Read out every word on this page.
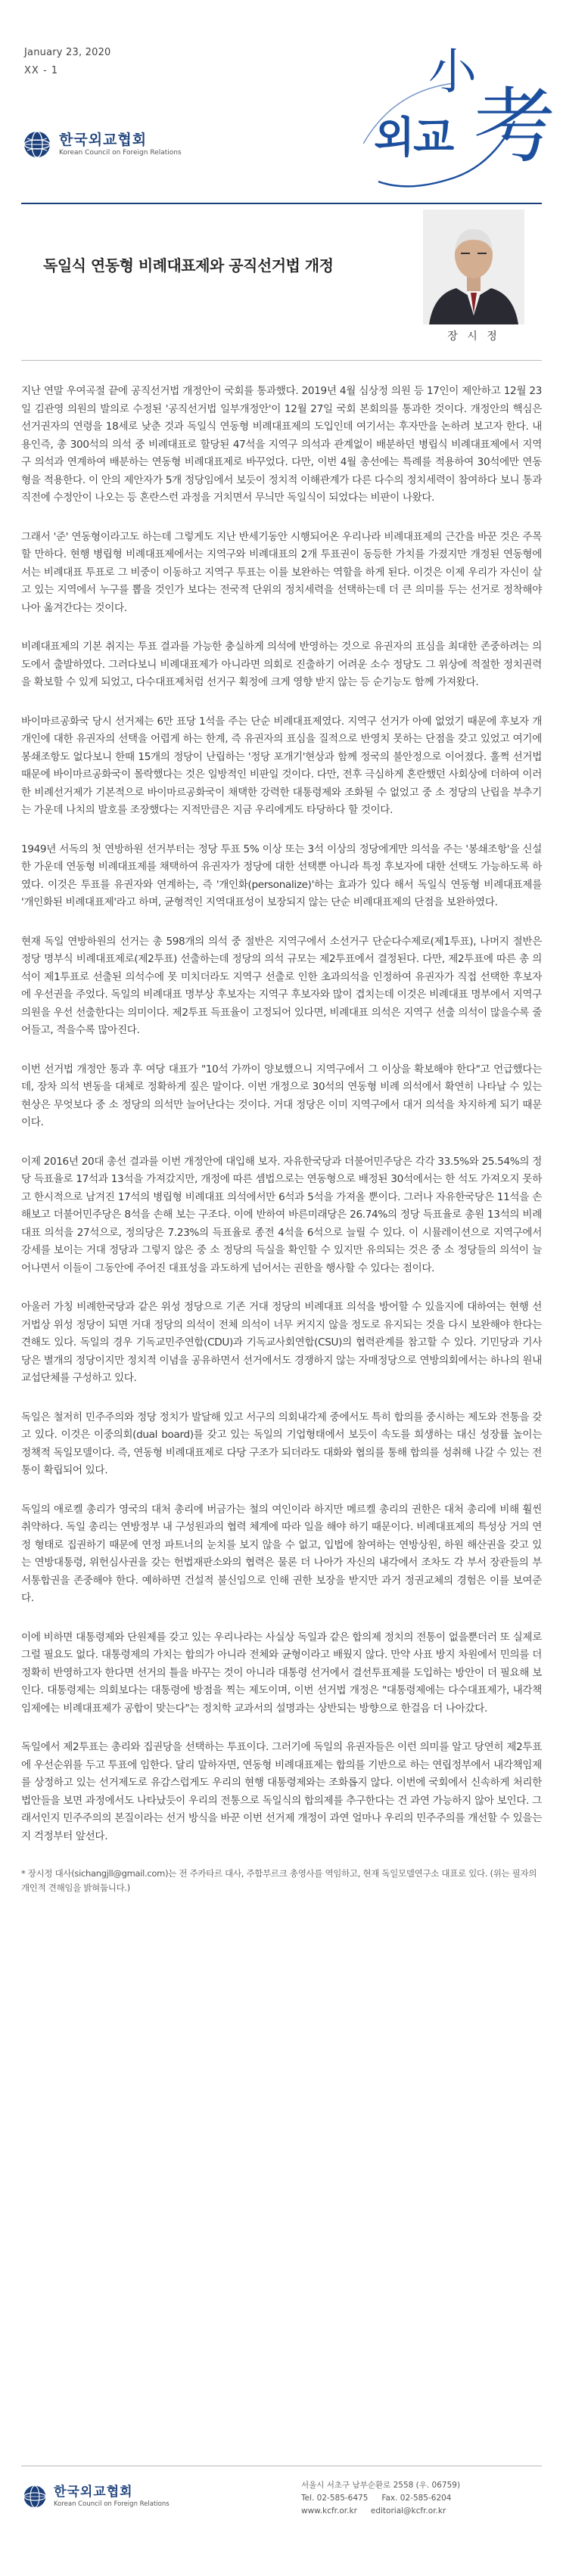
January 23, 2020
XX - 1
한국외교협회
Korean Council on Foreign Relations	외교
小
考
독일식 연동형 비례대표제와 공직선거법 개정
장 시 정

지난 연말 우여곡절 끝에 공직선거법 개정안이 국회를 통과했다. 2019년 4월 심상정 의원 등 17인이 제안하고 12월 23일 김관영 의원의 발의로 수정된 '공직선거법 일부개정안'이 12월 27일 국회 본회의를 통과한 것이다. 개정안의 핵심은 선거권자의 연령을 18세로 낮춘 것과 독일식 연동형 비례대표제의 도입인데 여기서는 후자만을 논하려 보고자 한다. 내용인즉, 총 300석의 의석 중 비례대표로 할당된 47석을 지역구 의석과 관계없이 배분하던 병립식 비례대표제에서 지역구 의석과 연계하여 배분하는 연동형 비례대표제로 바꾸었다. 다만, 이번 4월 총선에는 특례를 적용하여 30석에만 연동형을 적용한다. 이 안의 제안자가 5개 정당임에서 보듯이 정치적 이해관계가 다른 다수의 정치세력이 참여하다 보니 통과 직전에 수정안이 나오는 등 혼란스런 과정을 거치면서 무늬만 독일식이 되었다는 비판이 나왔다.

그래서 '준' 연동형이라고도 하는데 그렇게도 지난 반세기동안 시행되어온 우리나라 비례대표제의 근간을 바꾼 것은 주목할 만하다. 현행 병립형 비례대표제에서는 지역구와 비례대표의 2개 투표권이 동등한 가치를 가졌지만 개정된 연동형에서는 비례대표 투표로 그 비중이 이동하고 지역구 투표는 이를 보완하는 역할을 하게 된다. 이것은 이제 우리가 자신이 살고 있는 지역에서 누구를 뽑을 것인가 보다는 전국적 단위의 정치세력을 선택하는데 더 큰 의미를 두는 선거로 정착해야 나아 옮겨간다는 것이다.

비례대표제의 기본 취지는 투표 결과를 가능한 충실하게 의석에 반영하는 것으로 유권자의 표심을 최대한 존중하려는 의도에서 출발하였다. 그러다보니 비례대표제가 아니라면 의회로 진출하기 어려운 소수 정당도 그 위상에 적절한 정치권력을 확보할 수 있게 되었고, 다수대표제처럼 선거구 획정에 크게 영향 받지 않는 등 순기능도 함께 가져왔다.

바이마르공화국 당시 선거제는 6만 표당 1석을 주는 단순 비례대표제였다. 지역구 선거가 아예 없었기 때문에 후보자 개개인에 대한 유권자의 선택을 어렵게 하는 한계, 즉 유권자의 표심을 질적으로 반영치 못하는 단점을 갖고 있었고 여기에 봉쇄조항도 없다보니 한때 15개의 정당이 난립하는 '정당 포개기'현상과 함께 정국의 불안정으로 이어졌다. 훌쩍 선거법 때문에 바이마르공화국이 몰락했다는 것은 일방적인 비판일 것이다. 다만, 전후 극심하게 혼란했던 사회상에 더하여 이러한 비례선거제가 기본적으로 바이마르공화국이 채택한 강력한 대통령제와 조화될 수 없었고 중 소 정당의 난립을 부추기는 가운데 나치의 발호를 조장했다는 지적만큼은 지금 우리에게도 타당하다 할 것이다.

1949년 서독의 첫 연방하원 선거부터는 정당 투표 5% 이상 또는 3석 이상의 정당에게만 의석을 주는 '봉쇄조항'을 신설한 가운데 연동형 비례대표제를 채택하여 유권자가 정당에 대한 선택뿐 아니라 특정 후보자에 대한 선택도 가능하도록 하였다. 이것은 투표를 유권자와 연계하는, 즉 '개인화(personalize)'하는 효과가 있다 해서 독일식 연동형 비례대표제를 '개인화된 비례대표제'라고 하며, 균형적인 지역대표성이 보장되지 않는 단순 비례대표제의 단점을 보완하였다.

현재 독일 연방하원의 선거는 총 598개의 의석 중 절반은 지역구에서 소선거구 단순다수제로(제1투표), 나머지 절반은 정당 명부식 비례대표제로(제2투표) 선출하는데 정당의 의석 규모는 제2투표에서 결정된다. 다만, 제2투표에 따른 총 의석이 제1투표로 선출된 의석수에 못 미치더라도 지역구 선출로 인한 초과의석을 인정하여 유권자가 직접 선택한 후보자에 우선권을 주었다. 독일의 비례대표 명부상 후보자는 지역구 후보자와 많이 겹치는데 이것은 비례대표 명부에서 지역구 의원을 우선 선출한다는 의미이다. 제2투표 득표율이 고정되어 있다면, 비례대표 의석은 지역구 선출 의석이 많을수록 줄어들고, 적을수록 많아진다.

이번 선거법 개정안 통과 후 여당 대표가 "10석 가까이 양보했으니 지역구에서 그 이상을 확보해야 한다"고 언급했다는데, 장차 의석 변동을 대체로 정확하게 짚은 말이다. 이번 개정으로 30석의 연동형 비례 의석에서 확연히 나타날 수 있는 현상은 무엇보다 중 소 정당의 의석만 늘어난다는 것이다. 거대 정당은 이미 지역구에서 대거 의석을 차지하게 되기 때문이다.

이제 2016년 20대 총선 결과를 이번 개정안에 대입해 보자. 자유한국당과 더불어민주당은 각각 33.5%와 25.54%의 정당 득표율로 17석과 13석을 가져갔지만, 개정에 따른 셈법으로는 연동형으로 배정된 30석에서는 한 석도 가져오지 못하고 한시적으로 남겨진 17석의 병립형 비례대표 의석에서만 6석과 5석을 가져올 뿐이다. 그러나 자유한국당은 11석을 손해보고 더불어민주당은 8석을 손해 보는 구조다. 이에 반하여 바른미래당은 26.74%의 정당 득표율로 총원 13석의 비례대표 의석을 27석으로, 정의당은 7.23%의 득표율로 종전 4석을 6석으로 늘릴 수 있다. 이 시뮬레이션으로 지역구에서 강세를 보이는 거대 정당과 그렇지 않은 중 소 정당의 득실을 확인할 수 있지만 유의되는 것은 중 소 정당들의 의석이 늘어나면서 이들이 그동안에 주어진 대표성을 과도하게 넘어서는 권한을 행사할 수 있다는 점이다.

아울러 가칭 비례한국당과 같은 위성 정당으로 기존 거대 정당의 비례대표 의석을 방어할 수 있을지에 대하여는 현행 선거법상 위성 정당이 되면 거대 정당의 의석이 전체 의석이 너무 커지지 않을 정도로 유지되는 것을 다시 보완해야 한다는 견해도 있다. 독일의 경우 기독교민주연합(CDU)과 기독교사회연합(CSU)의 협력관계를 참고할 수 있다. 기민당과 기사당은 별개의 정당이지만 정치적 이념을 공유하면서 선거에서도 경쟁하지 않는 자매정당으로 연방의회에서는 하나의 원내교섭단체를 구성하고 있다.

독일은 철저히 민주주의와 정당 정치가 발달해 있고 서구의 의회내각제 중에서도 특히 합의를 중시하는 제도와 전통을 갖고 있다. 이것은 이중의회(dual board)를 갖고 있는 독일의 기업형태에서 보듯이 속도를 희생하는 대신 성장률 높이는 정책적 독일모델이다. 즉, 연동형 비례대표제로 다당 구조가 되더라도 대화와 협의를 통해 합의를 성취해 나갈 수 있는 전통이 확립되어 있다.

독일의 애로켈 총리가 영국의 대처 총리에 버금가는 철의 여인이라 하지만 메르켈 총리의 권한은 대처 총리에 비해 훨씬 취약하다. 독일 총리는 연방정부 내 구성원과의 협력 체계에 따라 일을 해야 하기 때문이다. 비례대표제의 특성상 거의 연정 형태로 집권하기 때문에 연정 파트너의 눈치를 보지 않을 수 없고, 입법에 참여하는 연방상원, 하원 해산권을 갖고 있는 연방대통령, 위헌심사권을 갖는 헌법재판소와의 협력은 물론 더 나아가 자신의 내각에서 조차도 각 부서 장관들의 부서통합권을 존중해야 한다. 예하하면 건설적 불신임으로 인해 권한 보장을 받지만 과거 정권교체의 경험은 이를 보여준다.

이에 비하면 대통령제와 단원제를 갖고 있는 우리나라는 사실상 독일과 같은 합의제 정치의 전통이 없을뿐더러 또 실제로 그럴 필요도 없다. 대통령제의 가치는 합의가 아니라 전체와 균형이라고 배웠지 않다. 만약 사표 방지 차원에서 민의를 더 정확히 반영하고자 한다면 선거의 틀을 바꾸는 것이 아니라 대통령 선거에서 결선투표제를 도입하는 방안이 더 필요해 보인다. 대통령제는 의회보다는 대통령에 방점을 찍는 제도이며, 이번 선거법 개정은 "대통령제에는 다수대표제가, 내각책임제에는 비례대표제가 공합이 맞는다"는 정치학 교과서의 설명과는 상반되는 방향으로 한걸음 더 나아갔다.

독일에서 제2투표는 총리와 집권당을 선택하는 투표이다. 그러기에 독일의 유권자들은 이런 의미를 알고 당연히 제2투표에 우선순위를 두고 투표에 임한다. 달리 말하자면, 연동형 비례대표제는 합의를 기반으로 하는 연립정부에서 내각책임제를 상정하고 있는 선거제도로 유감스럽게도 우리의 현행 대통령제와는 조화롭지 않다. 이번에 국회에서 신속하게 처리한 법안들을 보면 과정에서도 나타났듯이 우리의 전통으로 독일식의 합의제를 추구한다는 건 과연 가능하지 않아 보인다. 그래서인지 민주주의의 본질이라는 선거 방식을 바꾼 이번 선거제 개정이 과연 얼마나 우리의 민주주의를 개선할 수 있을는지 걱정부터 앞선다.

* 장시정 대사(sichangjll@gmail.com)는 전 주카타르 대사, 주함부르크 총영사를 역임하고, 현재 독일모델연구소 대표로 있다. (위는 필자의 개인적 견해임을 밝혀둡니다.)

한국외교협회
Korean Council on Foreign Relations
서울시 서초구 남부순환로 2558 (우. 06759)
Tel. 02-585-6475 Fax. 02-585-6204
www.kcfr.or.kr editorial@kcfr.or.kr
